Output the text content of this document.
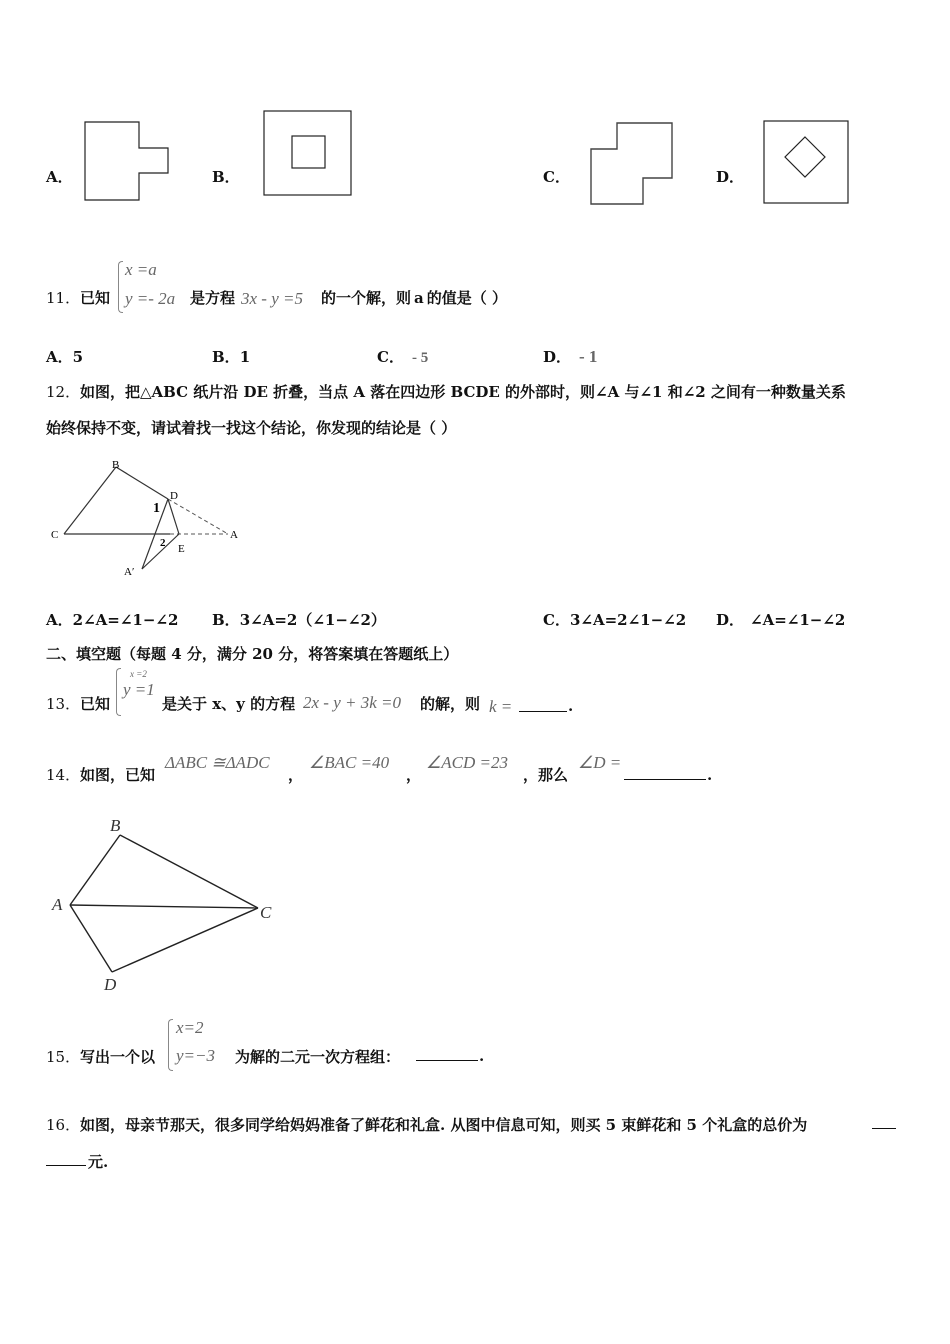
A．	B．	C．	D．
11． 已知
x =a
y =- 2a 是方程 3x - y =5 的一个解，则 a 的值是（ ）
A．5	B．1	C． - 5	D． - 1
12． 如图，把△ABC 纸片沿 DE 折叠，当点 A 落在四边形 BCDE 的外部时，则∠A 与∠1 和∠2 之间有一种数量关系
始终保持不变，请试着找一找这个结论，你发现的结论是（ ）
B
D
C	A
E
A′
1
2
A．2∠A=∠1−∠2 B．3∠A=2（∠1−∠2）	C．3∠A=2∠1−∠2 D． ∠A=∠1−∠2
二、填空题（每题 4 分，满分 20 分，将答案填在答题纸上）
13． 已知
x =2
y =1
是关于 x、y 的方程 2x - y + 3k =0 的解，则 k =	.
14． 如图，已知
ΔABC ≅ΔADC
，
∠BAC =40
，
∠ACD =23
，那么
∠D =
.
B
A	C
D
15． 写出一个以
x=2
y=−3 为解的二元一次方程组：	.
16． 如图，母亲节那天，很多同学给妈妈准备了鲜花和礼盒. 从图中信息可知，则买 5 束鲜花和 5 个礼盒的总价为
元.
